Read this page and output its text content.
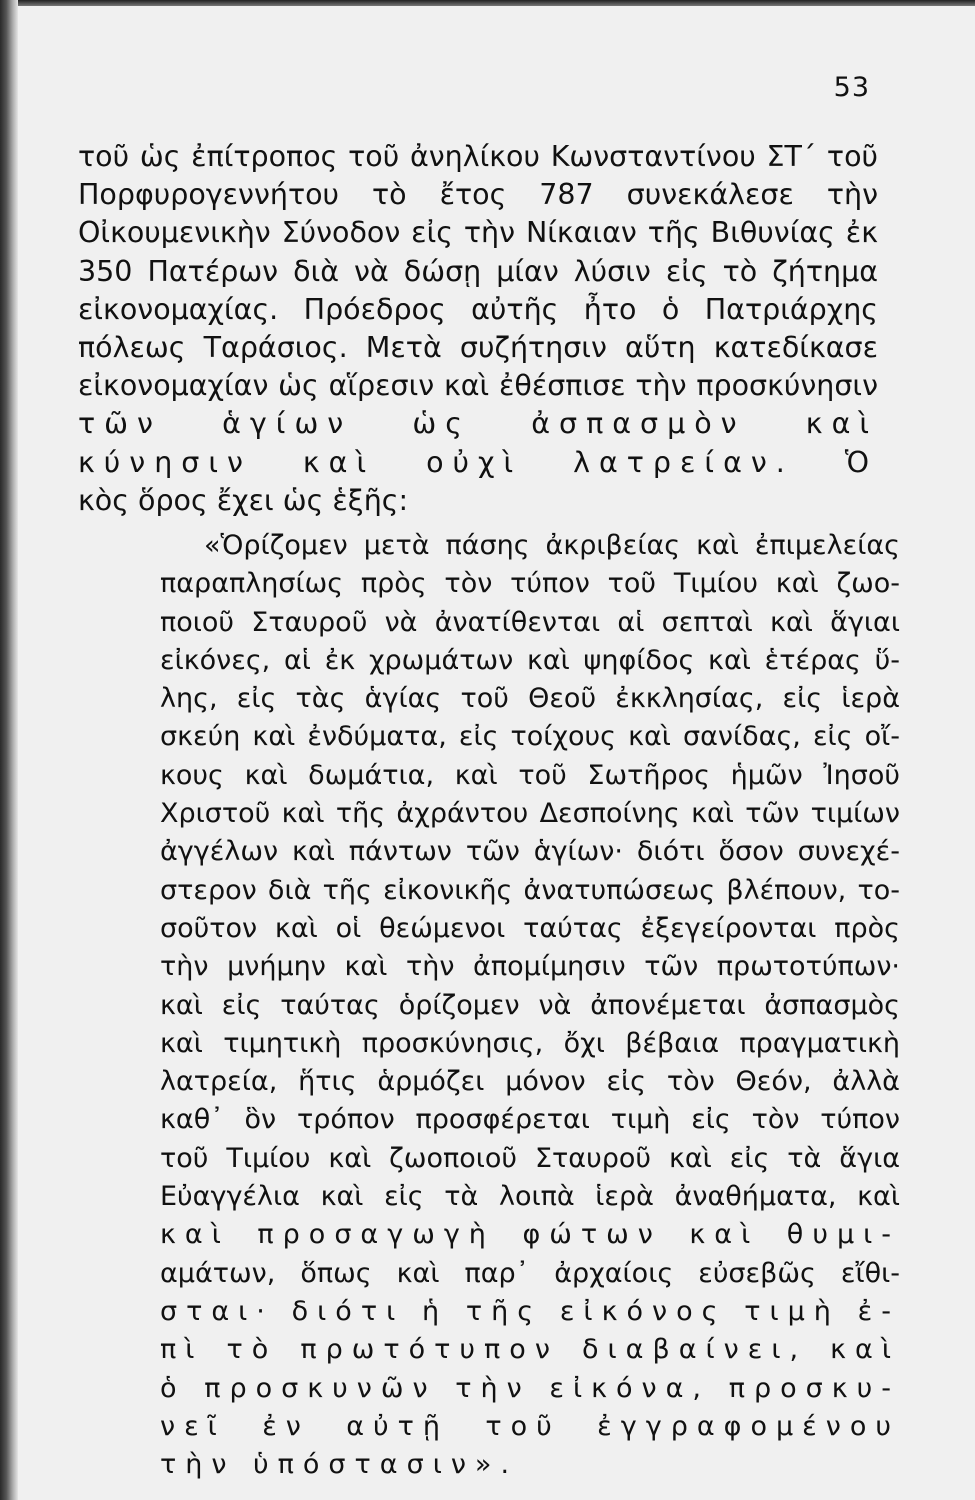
53
τοῦ ὡς ἐπίτροπος τοῦ ἀνηλίκου Κωνσταντίνου ΣΤ´ τοῦ
Πορφυρογεννήτου τὸ ἔτος 787 συνεκάλεσε τὴν
Οἰκουμενικὴν Σύνοδον εἰς τὴν Νίκαιαν τῆς Βιθυνίας ἐκ
350 Πατέρων διὰ νὰ δώσῃ μίαν λύσιν εἰς τὸ ζήτημα
εἰκονομαχίας. Πρόεδρος αὐτῆς ἦτο ὁ Πατριάρχης
πόλεως Ταράσιος. Μετὰ συζήτησιν αὕτη κατεδίκασε
εἰκονομαχίαν ὡς αἵρεσιν καὶ ἐθέσπισε τὴν προσκύνησιν
τῶν ἁγίων ὡς ἀσπασμὸν καὶ
κύνησιν καὶ οὐχὶ λατρείαν. Ὁ
κὸς ὅρος ἔχει ὡς ἑξῆς:
«Ὁρίζομεν μετὰ πάσης ἀκριβείας καὶ ἐπιμελείας
παραπλησίως πρὸς τὸν τύπον τοῦ Τιμίου καὶ ζωο-
ποιοῦ Σταυροῦ νὰ ἀνατίθενται αἱ σεπταὶ καὶ ἅγιαι
εἰκόνες, αἱ ἐκ χρωμάτων καὶ ψηφίδος καὶ ἑτέρας ὕ-
λης, εἰς τὰς ἁγίας τοῦ Θεοῦ ἐκκλησίας, εἰς ἱερὰ
σκεύη καὶ ἐνδύματα, εἰς τοίχους καὶ σανίδας, εἰς οἴ-
κους καὶ δωμάτια, καὶ τοῦ Σωτῆρος ἡμῶν Ἰησοῦ
Χριστοῦ καὶ τῆς ἀχράντου Δεσποίνης καὶ τῶν τιμίων
ἀγγέλων καὶ πάντων τῶν ἁγίων· διότι ὅσον συνεχέ-
στερον διὰ τῆς εἰκονικῆς ἀνατυπώσεως βλέπουν, το-
σοῦτον καὶ οἱ θεώμενοι ταύτας ἐξεγείρονται πρὸς
τὴν μνήμην καὶ τὴν ἀπομίμησιν τῶν πρωτοτύπων·
καὶ εἰς ταύτας ὁρίζομεν νὰ ἀπονέμεται ἀσπασμὸς
καὶ τιμητικὴ προσκύνησις, ὄχι βέβαια πραγματικὴ
λατρεία, ἥτις ἁρμόζει μόνον εἰς τὸν Θεόν, ἀλλὰ
καθ᾿ ὃν τρόπον προσφέρεται τιμὴ εἰς τὸν τύπον
τοῦ Τιμίου καὶ ζωοποιοῦ Σταυροῦ καὶ εἰς τὰ ἅγια
Εὐαγγέλια καὶ εἰς τὰ λοιπὰ ἱερὰ ἀναθήματα, καὶ
καὶ προσαγωγὴ φώτων καὶ θυμι-
αμάτων, ὅπως καὶ παρ᾿ ἀρχαίοις εὐσεβῶς εἴθι-
σται· διότι ἡ τῆς εἰκόνος τιμὴ ἐ-
πὶ τὸ πρωτότυπον διαβαίνει, καὶ
ὁ προσκυνῶν τὴν εἰκόνα, προσκυ-
νεῖ ἐν αὐτῇ τοῦ ἐγγραφομένου
τὴν ὑπόστασιν».
